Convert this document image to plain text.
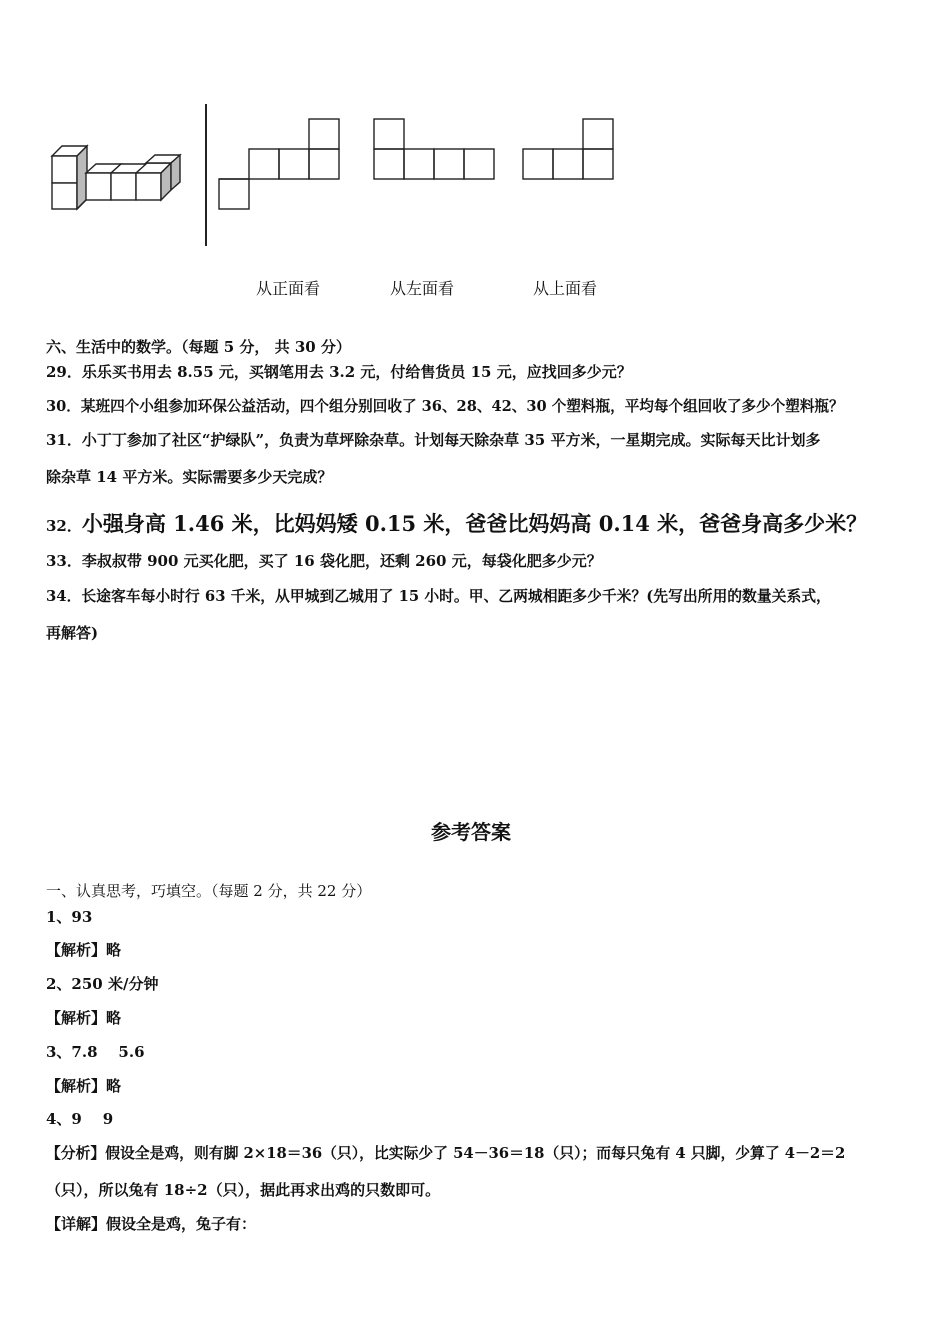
从正面看	从左面看	从上面看
六、生活中的数学。（每题 5 分， 共 30 分）
29．乐乐买书用去 8.55 元，买钢笔用去 3.2 元，付给售货员 15 元，应找回多少元？
30．某班四个小组参加环保公益活动，四个组分别回收了 36、28、42、30 个塑料瓶，平均每个组回收了多少个塑料瓶？
31．小丁丁参加了社区“护绿队”，负责为草坪除杂草。计划每天除杂草 35 平方米，一星期完成。实际每天比计划多
除杂草 14 平方米。实际需要多少天完成？
32．小强身高 1.46 米，比妈妈矮 0.15 米，爸爸比妈妈高 0.14 米，爸爸身高多少米？
33．李叔叔带 900 元买化肥，买了 16 袋化肥，还剩 260 元，每袋化肥多少元？
34．长途客车每小时行 63 千米，从甲城到乙城用了 15 小时。甲、乙两城相距多少千米？(先写出所用的数量关系式，
再解答)
参考答案
一、认真思考，巧填空。（每题 2 分，共 22 分）
1、93
【解析】略
2、250 米/分钟
【解析】略
3、7.8    5.6
【解析】略
4、9    9
【分析】假设全是鸡，则有脚 2×18＝36（只），比实际少了 54－36＝18（只）；而每只兔有 4 只脚，少算了 4－2＝2
（只），所以兔有 18÷2（只），据此再求出鸡的只数即可。
【详解】假设全是鸡，兔子有：
